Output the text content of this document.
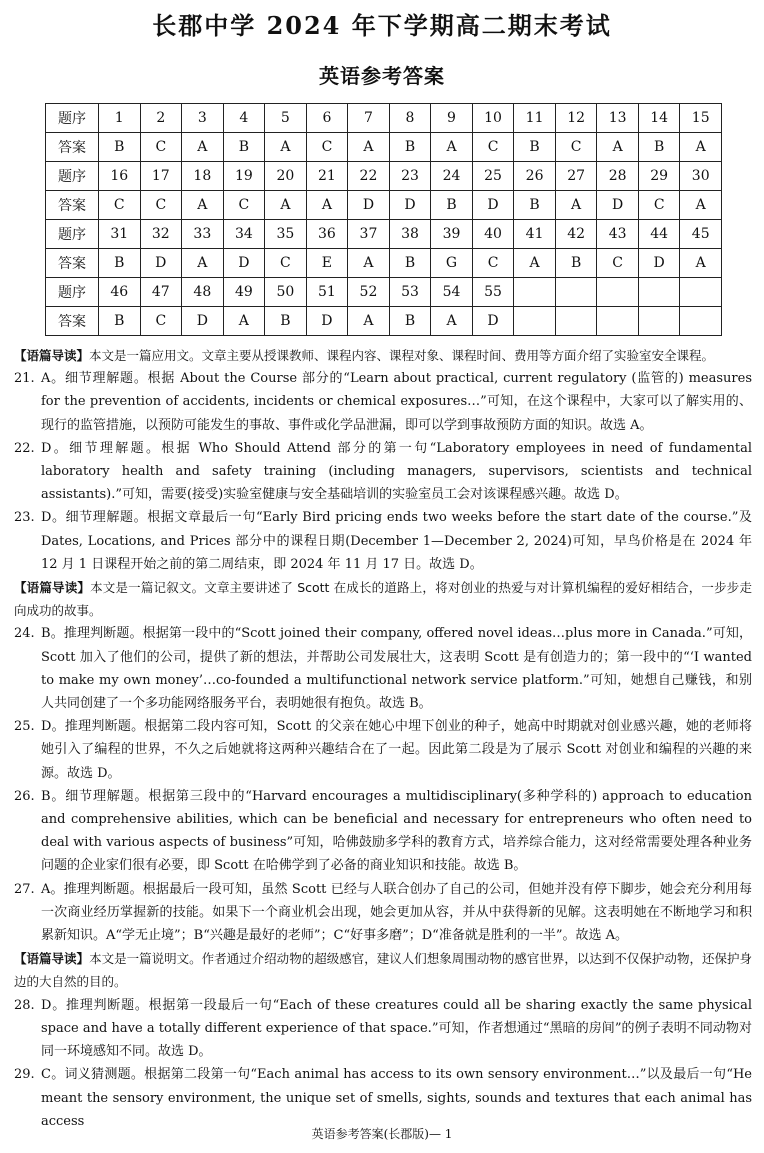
长郡中学 2024 年下学期高二期末考试
英语参考答案
题序	1	2	3	4	5	6	7	8	9	10	11	12	13	14	15
答案	B	C	A	B	A	C	A	B	A	C	B	C	A	B	A
题序	16	17	18	19	20	21	22	23	24	25	26	27	28	29	30
答案	C	C	A	C	A	A	D	D	B	D	B	A	D	C	A
题序	31	32	33	34	35	36	37	38	39	40	41	42	43	44	45
答案	B	D	A	D	C	E	A	B	G	C	A	B	C	D	A
题序	46	47	48	49	50	51	52	53	54	55					
答案	B	C	D	A	B	D	A	B	A	D					

【语篇导读】本文是一篇应用文。文章主要从授课教师、课程内容、课程对象、课程时间、费用等方面介绍了实验室安全课程。

21. A。细节理解题。根据 About the Course 部分的“Learn about practical, current regulatory (监管的) measures for the prevention of accidents, incidents or chemical exposures…”可知，在这个课程中，大家可以了解实用的、现行的监管措施，以预防可能发生的事故、事件或化学品泄漏，即可以学到事故预防方面的知识。故选 A。

22. D。细节理解题。根据 Who Should Attend 部分的第一句“Laboratory employees in need of fundamental laboratory health and safety training (including managers, supervisors, scientists and technical assistants).”可知，需要(接受)实验室健康与安全基础培训的实验室员工会对该课程感兴趣。故选 D。

23. D。细节理解题。根据文章最后一句“Early Bird pricing ends two weeks before the start date of the course.”及 Dates, Locations, and Prices 部分中的课程日期(December 1—December 2, 2024)可知，早鸟价格是在 2024 年 12 月 1 日课程开始之前的第二周结束，即 2024 年 11 月 17 日。故选 D。

【语篇导读】本文是一篇记叙文。文章主要讲述了 Scott 在成长的道路上，将对创业的热爱与对计算机编程的爱好相结合，一步步走向成功的故事。

24. B。推理判断题。根据第一段中的“Scott joined their company, offered novel ideas…plus more in Canada.”可知，Scott 加入了他们的公司，提供了新的想法，并帮助公司发展壮大，这表明 Scott 是有创造力的；第一段中的“‘I wanted to make my own money’…co-founded a multifunctional network service platform.”可知，她想自己赚钱，和别人共同创建了一个多功能网络服务平台，表明她很有抱负。故选 B。

25. D。推理判断题。根据第二段内容可知，Scott 的父亲在她心中埋下创业的种子，她高中时期就对创业感兴趣，她的老师将她引入了编程的世界，不久之后她就将这两种兴趣结合在了一起。因此第二段是为了展示 Scott 对创业和编程的兴趣的来源。故选 D。

26. B。细节理解题。根据第三段中的“Harvard encourages a multidisciplinary(多种学科的) approach to education and comprehensive abilities, which can be beneficial and necessary for entrepreneurs who often need to deal with various aspects of business”可知，哈佛鼓励多学科的教育方式，培养综合能力，这对经常需要处理各种业务问题的企业家们很有必要，即 Scott 在哈佛学到了必备的商业知识和技能。故选 B。

27. A。推理判断题。根据最后一段可知，虽然 Scott 已经与人联合创办了自己的公司，但她并没有停下脚步，她会充分利用每一次商业经历掌握新的技能。如果下一个商业机会出现，她会更加从容，并从中获得新的见解。这表明她在不断地学习和积累新知识。A“学无止境”；B“兴趣是最好的老师”；C“好事多磨”；D“准备就是胜利的一半”。故选 A。

【语篇导读】本文是一篇说明文。作者通过介绍动物的超级感官，建议人们想象周围动物的感官世界，以达到不仅保护动物，还保护身边的大自然的目的。

28. D。推理判断题。根据第一段最后一句“Each of these creatures could all be sharing exactly the same physical space and have a totally different experience of that space.”可知，作者想通过“黑暗的房间”的例子表明不同动物对同一环境感知不同。故选 D。

29. C。词义猜测题。根据第二段第一句“Each animal has access to its own sensory environment…”以及最后一句“He meant the sensory environment, the unique set of smells, sights, sounds and textures that each animal has access

英语参考答案(长郡版)— 1
